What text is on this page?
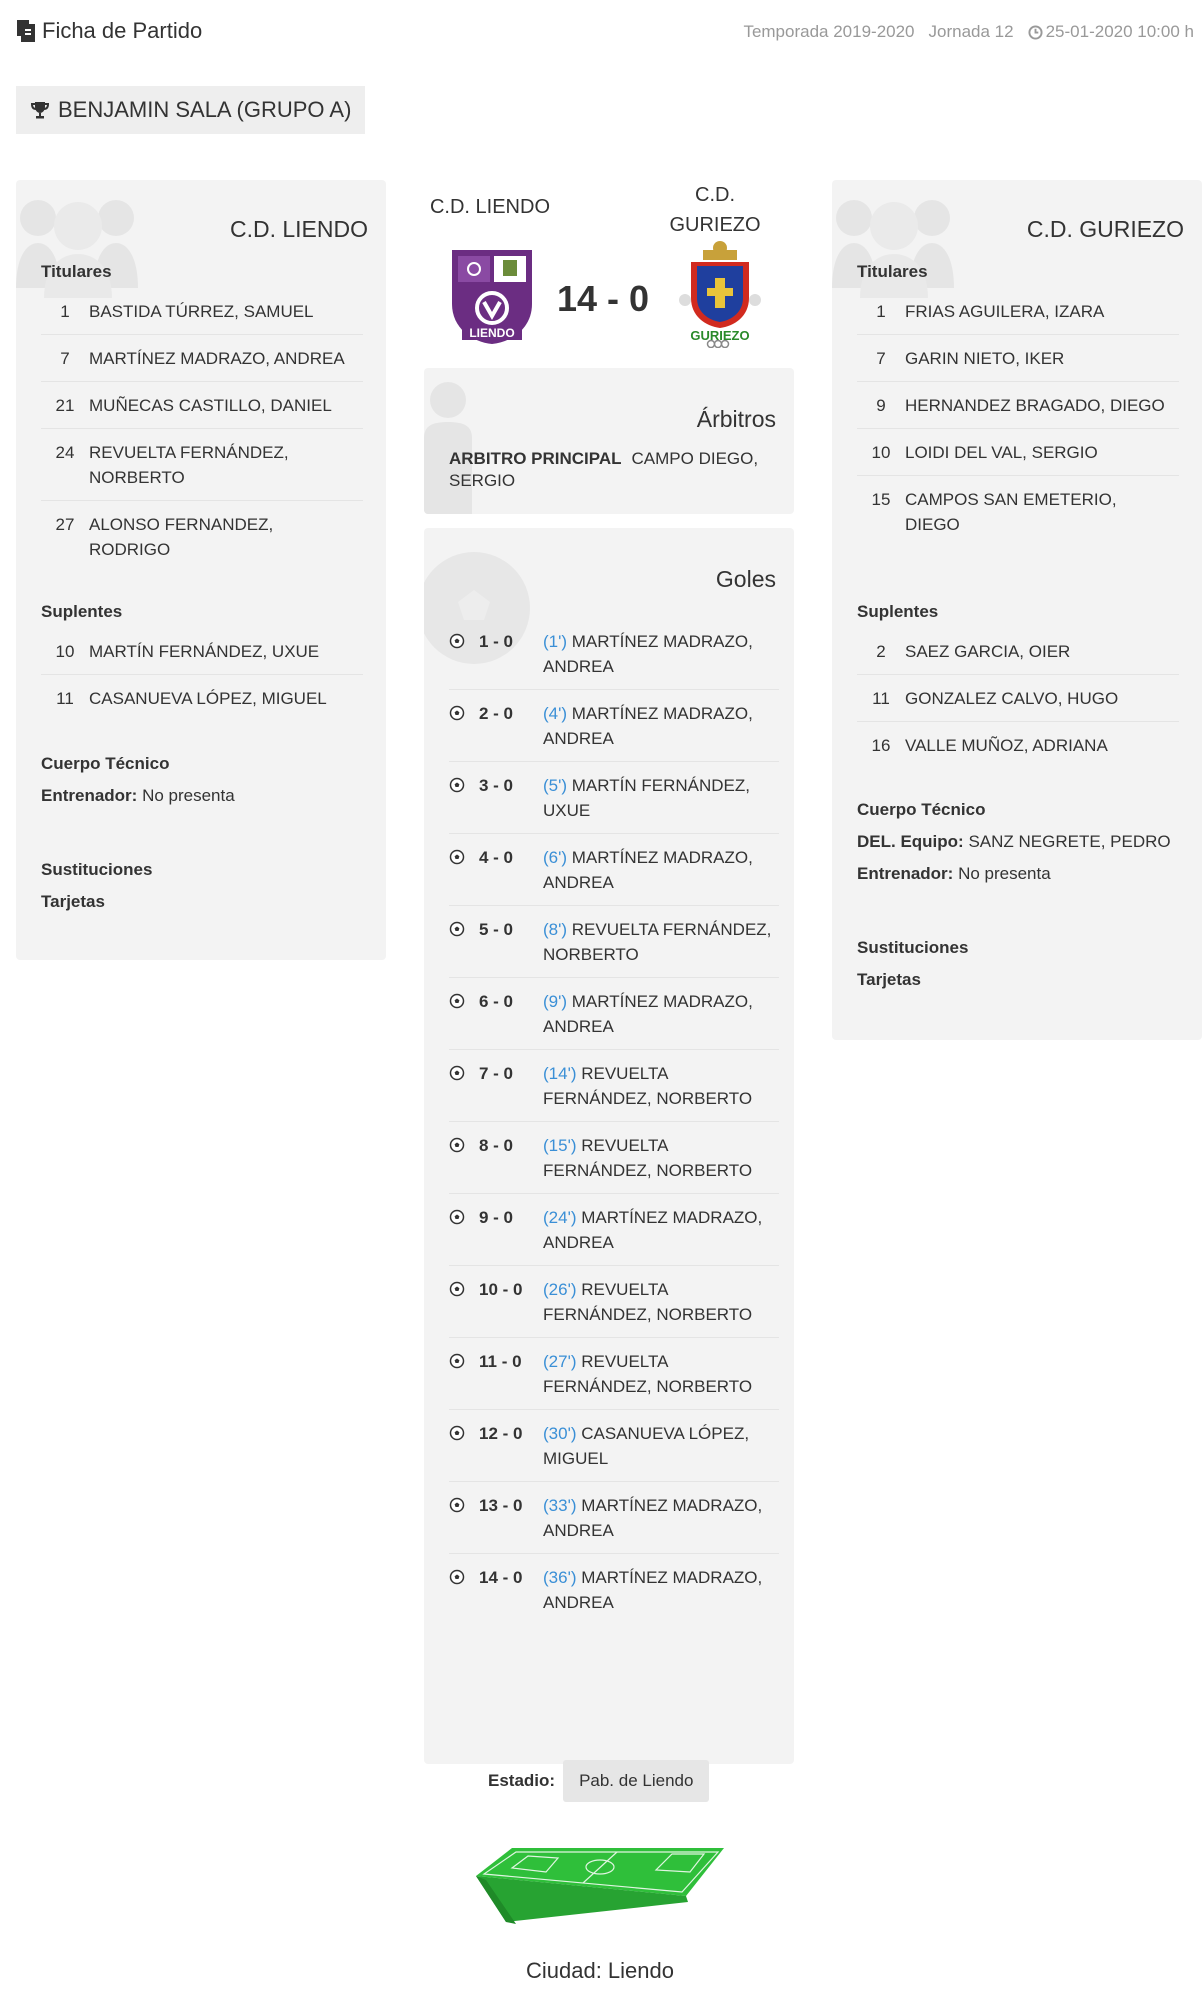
Ficha de Partido	Temporada 2019-2020 Jornada 12 25-01-2020 10:00 h
BENJAMIN SALA (GRUPO A)
C.D. LIENDO
Titulares
1	BASTIDA TÚRREZ, SAMUEL
7	MARTÍNEZ MADRAZO, ANDREA
21 MUÑECAS CASTILLO, DANIEL
24 REVUELTA FERNÁNDEZ, NORBERTO
27 ALONSO FERNANDEZ, RODRIGO
Suplentes
10 MARTÍN FERNÁNDEZ, UXUE
11 CASANUEVA LÓPEZ, MIGUEL
Cuerpo Técnico
Entrenador: No presenta
Sustituciones
Tarjetas
C.D. LIENDO
C.D.
GURIEZO
LIENDO
14 - 0
GURIEZO
Árbitros
ARBITRO PRINCIPAL CAMPO DIEGO, SERGIO
Goles
1 - 0	(1') MARTÍNEZ MADRAZO, ANDREA
2 - 0	(4') MARTÍNEZ MADRAZO, ANDREA
3 - 0	(5') MARTÍN FERNÁNDEZ, UXUE
4 - 0	(6') MARTÍNEZ MADRAZO, ANDREA
5 - 0	(8') REVUELTA FERNÁNDEZ, NORBERTO
6 - 0	(9') MARTÍNEZ MADRAZO, ANDREA
7 - 0	(14') REVUELTA FERNÁNDEZ, NORBERTO
8 - 0	(15') REVUELTA FERNÁNDEZ, NORBERTO
9 - 0	(24') MARTÍNEZ MADRAZO, ANDREA
10 - 0	(26') REVUELTA FERNÁNDEZ, NORBERTO
11 - 0	(27') REVUELTA FERNÁNDEZ, NORBERTO
12 - 0	(30') CASANUEVA LÓPEZ, MIGUEL
13 - 0	(33') MARTÍNEZ MADRAZO, ANDREA
14 - 0	(36') MARTÍNEZ MADRAZO, ANDREA
C.D. GURIEZO
Titulares
1	FRIAS AGUILERA, IZARA
7	GARIN NIETO, IKER
9	HERNANDEZ BRAGADO, DIEGO
10 LOIDI DEL VAL, SERGIO
15 CAMPOS SAN EMETERIO, DIEGO
Suplentes
2	SAEZ GARCIA, OIER
11 GONZALEZ CALVO, HUGO
16 VALLE MUÑOZ, ADRIANA
Cuerpo Técnico
DEL. Equipo: SANZ NEGRETE, PEDRO
Entrenador: No presenta
Sustituciones
Tarjetas
Estadio:	Pab. de Liendo
Ciudad: Liendo
